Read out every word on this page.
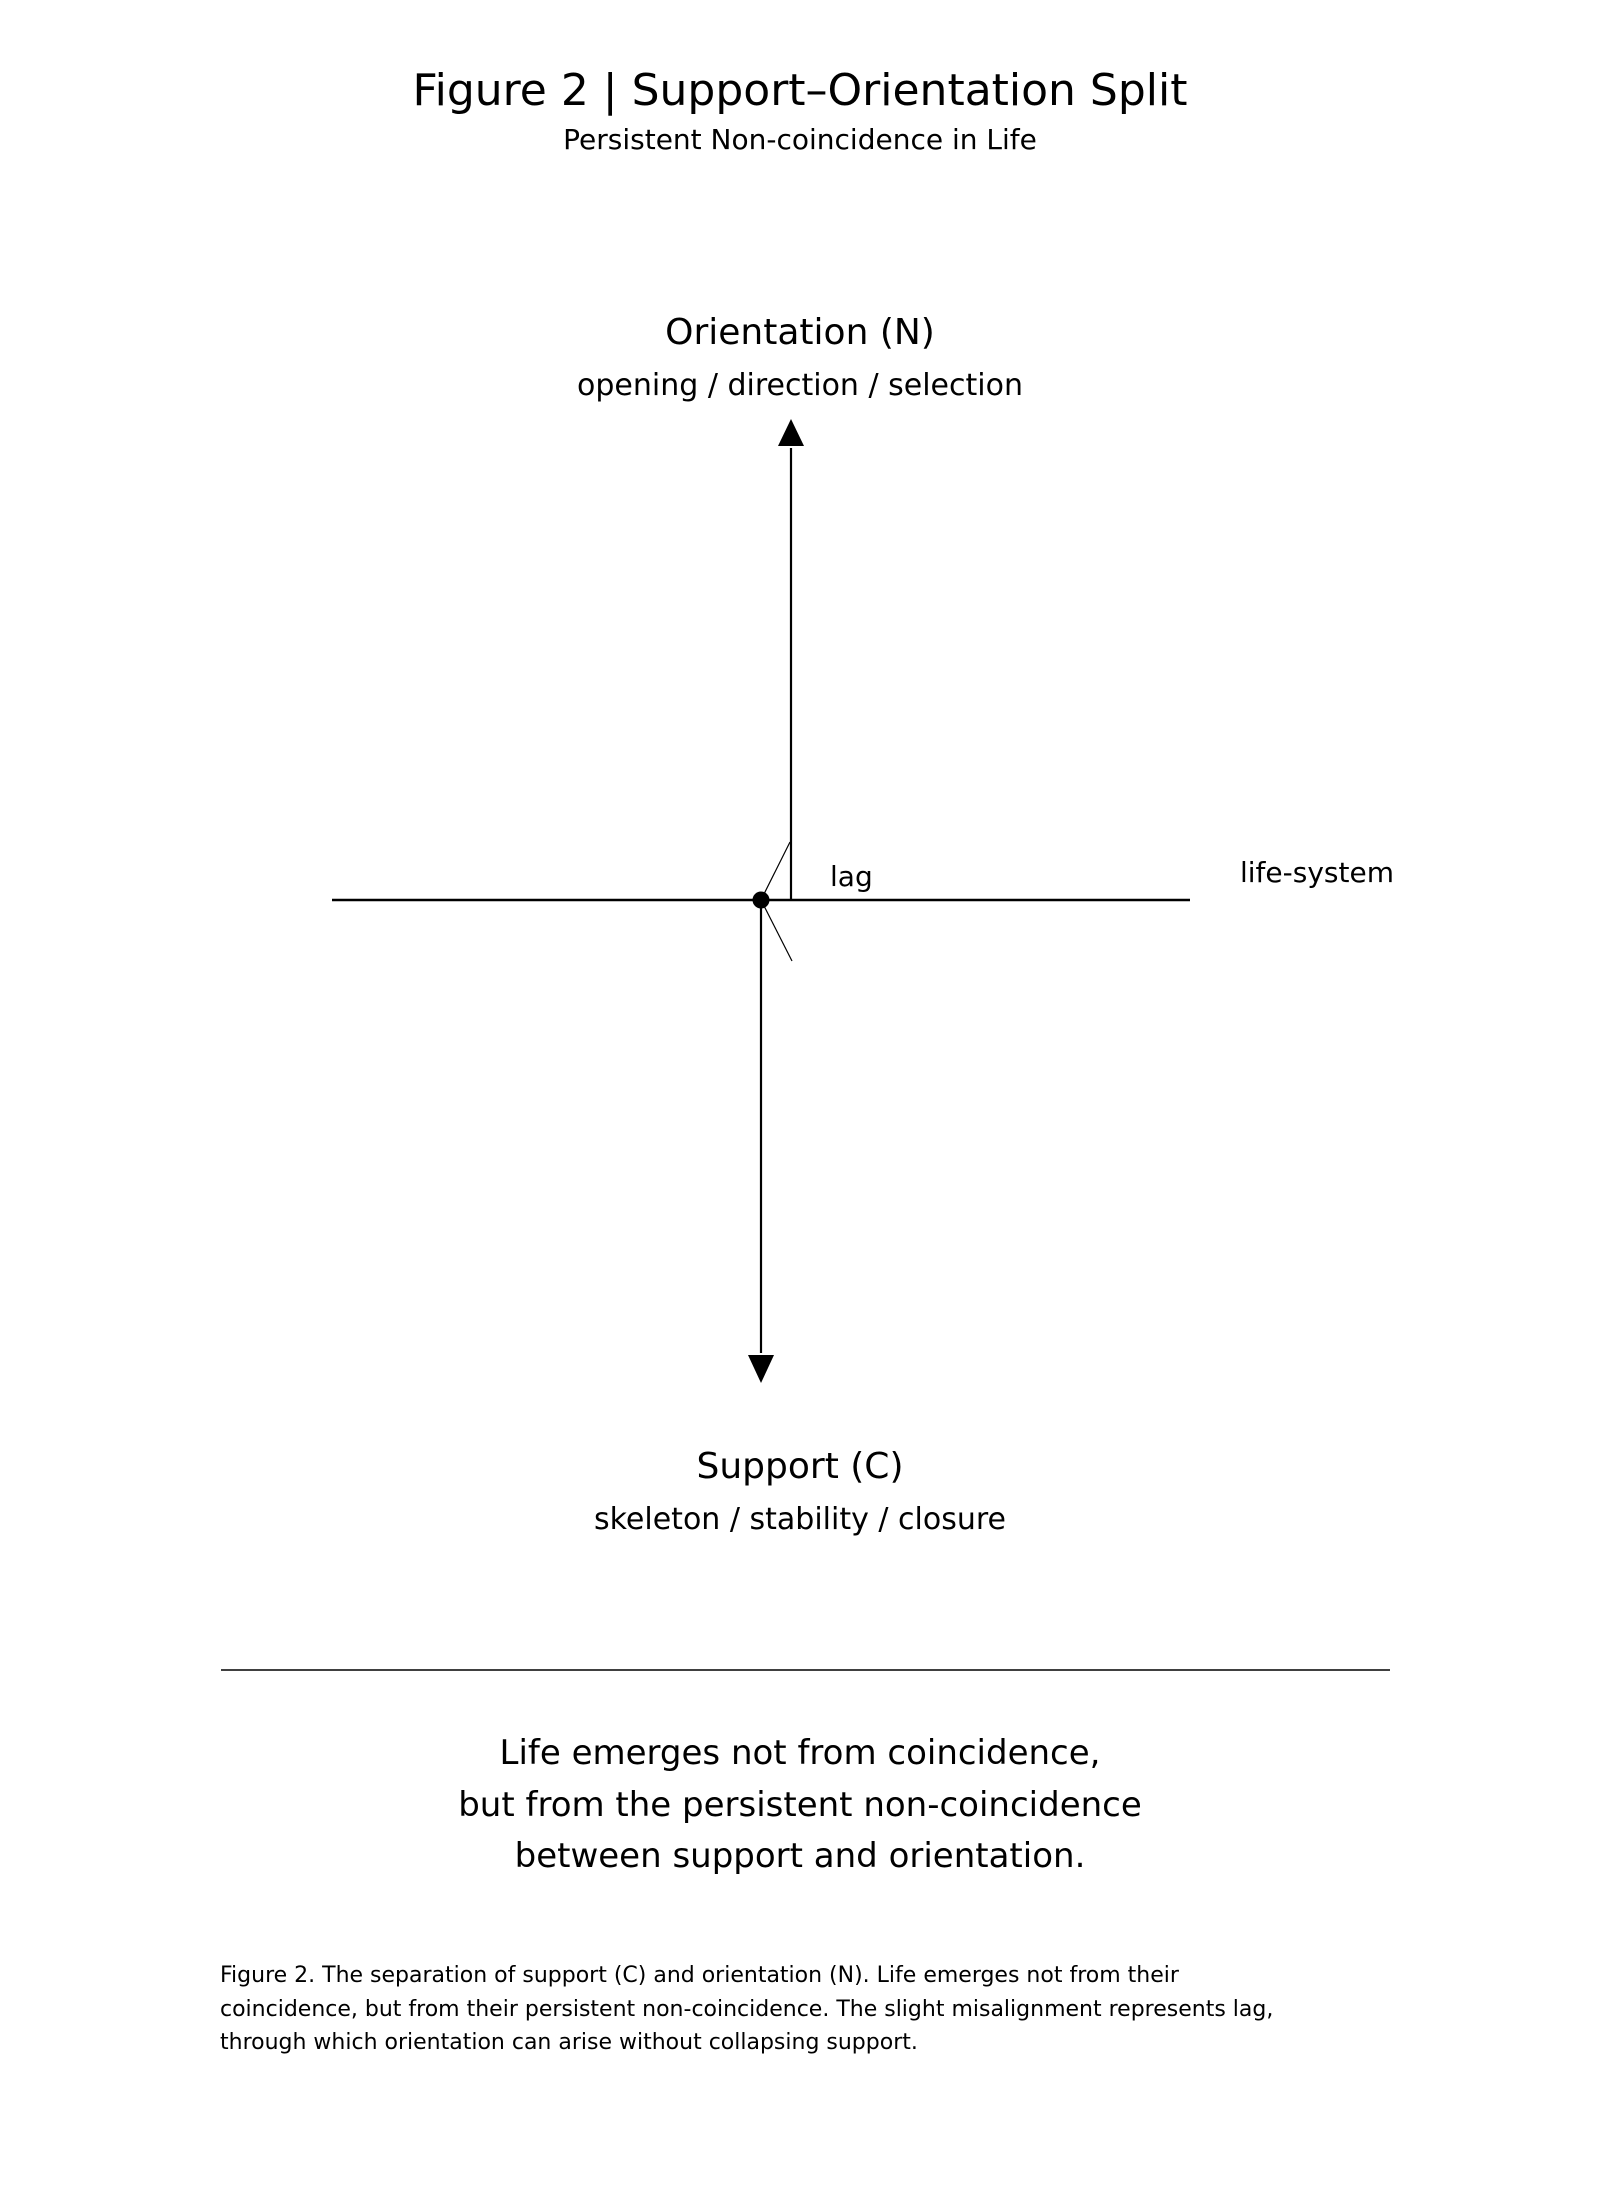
Figure 2 | Support–Orientation Split
Persistent Non-coincidence in Life
Orientation (N)
opening / direction / selection
lag	life-system
Support (C)
skeleton / stability / closure
Life emerges not from coincidence,
but from the persistent non-coincidence
between support and orientation.
Figure 2. The separation of support (C) and orientation (N). Life emerges not from their
coincidence, but from their persistent non-coincidence. The slight misalignment represents lag,
through which orientation can arise without collapsing support.
